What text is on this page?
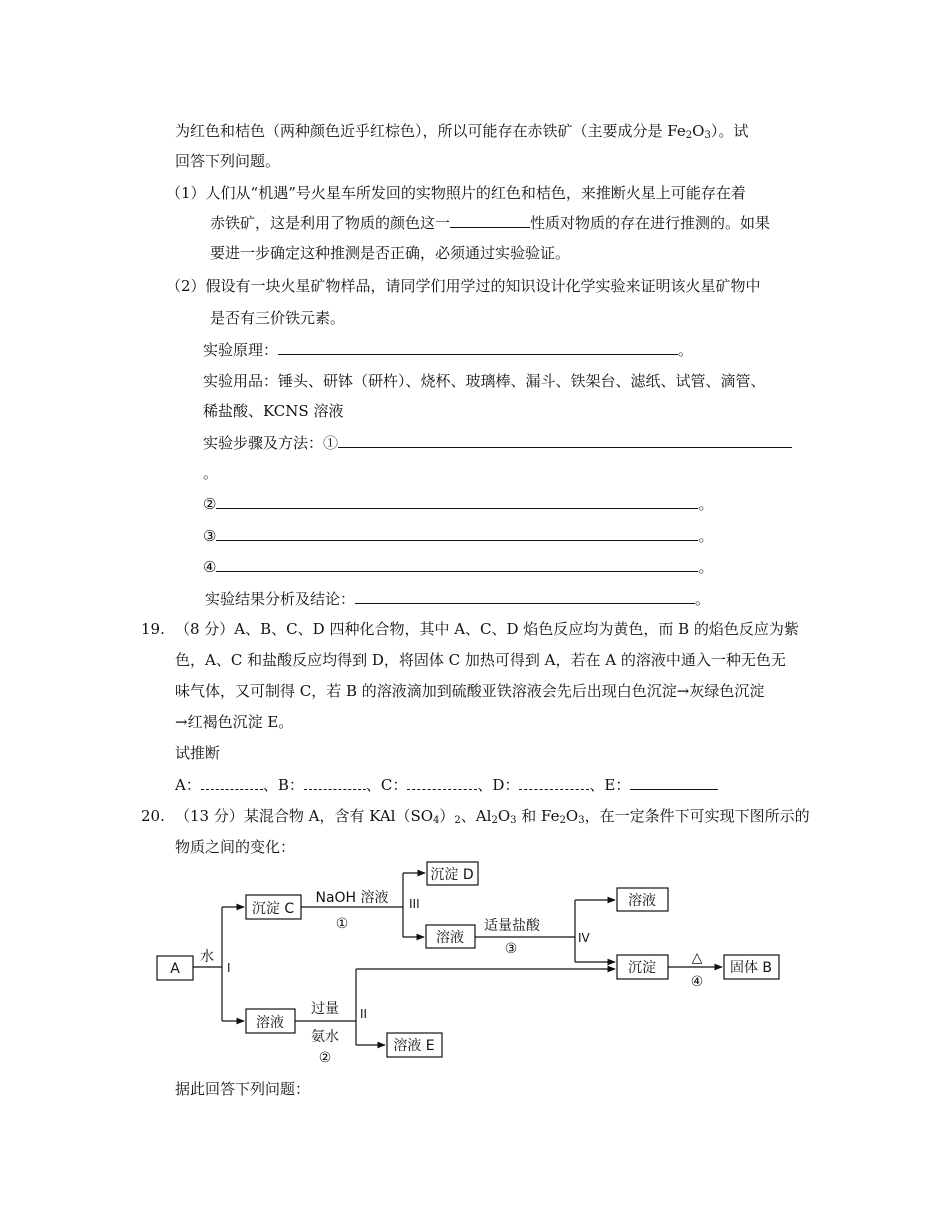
为红色和桔色（两种颜色近乎红棕色），所以可能存在赤铁矿（主要成分是 $Fe_2O_3$）。试
回答下列问题。
（1）人们从“机遇”号火星车所发回的实物照片的红色和桔色，来推断火星上可能存在着
赤铁矿，这是利用了物质的颜色这一	性质对物质的存在进行推测的。如果
要进一步确定这种推测是否正确，必须通过实验验证。
（2）假设有一块火星矿物样品，请同学们用学过的知识设计化学实验来证明该火星矿物中
是否有三价铁元素。
实验原理：	。
实验用品：锤头、研钵（研杵）、烧杯、玻璃棒、漏斗、铁架台、滤纸、试管、滴管、
稀盐酸、KCNS 溶液
实验步骤及方法：①
。
②	。
③	。
④	。
实验结果分析及结论：	。
19. （8 分）A、B、C、D 四种化合物，其中 A、C、D 焰色反应均为黄色，而 B 的焰色反应为紫
色，A、C 和盐酸反应均得到 D，将固体 C 加热可得到 A，若在 A 的溶液中通入一种无色无
味气体，又可制得 C，若 B 的溶液滴加到硫酸亚铁溶液会先后出现白色沉淀→灰绿色沉淀
→红褐色沉淀 E。
试推断
A：	、B：	、C：	、D：	、E：
20. （13 分）某混合物 A，含有 $KAl(SO_4)_2$、$Al_2O_3$ 和 $Fe_2O_3$，在一定条件下可实现下图所示的
物质之间的变化：
A
沉淀 C
沉淀 D
溶液
溶液
沉淀	固体 B
溶液
溶液 E
水
I
NaOH 溶液
①
III
适量盐酸
③
IV
过量
氨水
②
II
△
④
据此回答下列问题：
